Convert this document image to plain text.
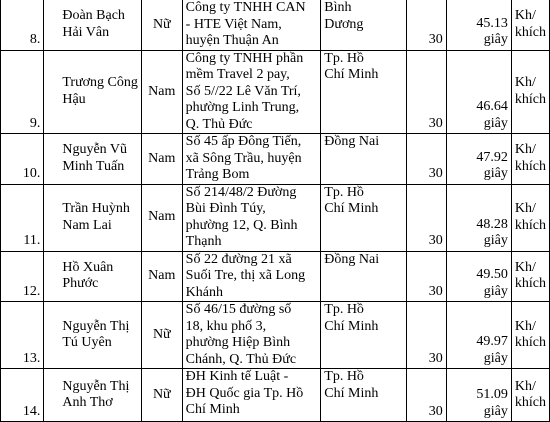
8.	Đoàn Bạch
Hải Vân	Nữ	Công ty TNHH CAN
- HTE Việt Nam,
huyện Thuận An	Bình
Dương	30	45.13 giây	Kh/
khích

9.	Trương Công
Hậu	Nam	Công ty TNHH phần
mềm Travel 2 pay,
Số 5//22 Lê Văn Trí,
phường Linh Trung,
Q. Thủ Đức	Tp. Hồ
Chí Minh	30	46.64 giây	Kh/
khích

10.	Nguyễn Vũ
Minh Tuấn	Nam	Số 45 ấp Đông Tiến,
xã Sông Trầu, huyện
Trảng Bom	Đồng Nai	30	47.92 giây	Kh/
khích

11.	Trần Huỳnh
Nam Lai	Nam	Số 214/48/2 Đường
Bùi Đình Túy,
phường 12, Q. Bình
Thạnh	Tp. Hồ
Chí Minh	30	48.28 giây	Kh/
khích

12.	Hồ Xuân
Phước	Nam	Số 22 đường 21 xã
Suối Tre, thị xã Long
Khánh	Đồng Nai	30	49.50 giây	Kh/
khích

13.	Nguyễn Thị
Tú Uyên	Nữ	Số 46/15 đường số
18, khu phố 3,
phường Hiệp Bình
Chánh, Q. Thủ Đức	Tp. Hồ
Chí Minh	30	49.97 giây	Kh/
khích

14.	Nguyễn Thị
Anh Thơ	Nữ	ĐH Kinh tế Luật -
ĐH Quốc gia Tp. Hồ
Chí Minh	Tp. Hồ
Chí Minh	30	51.09 giây	Kh/
khích
